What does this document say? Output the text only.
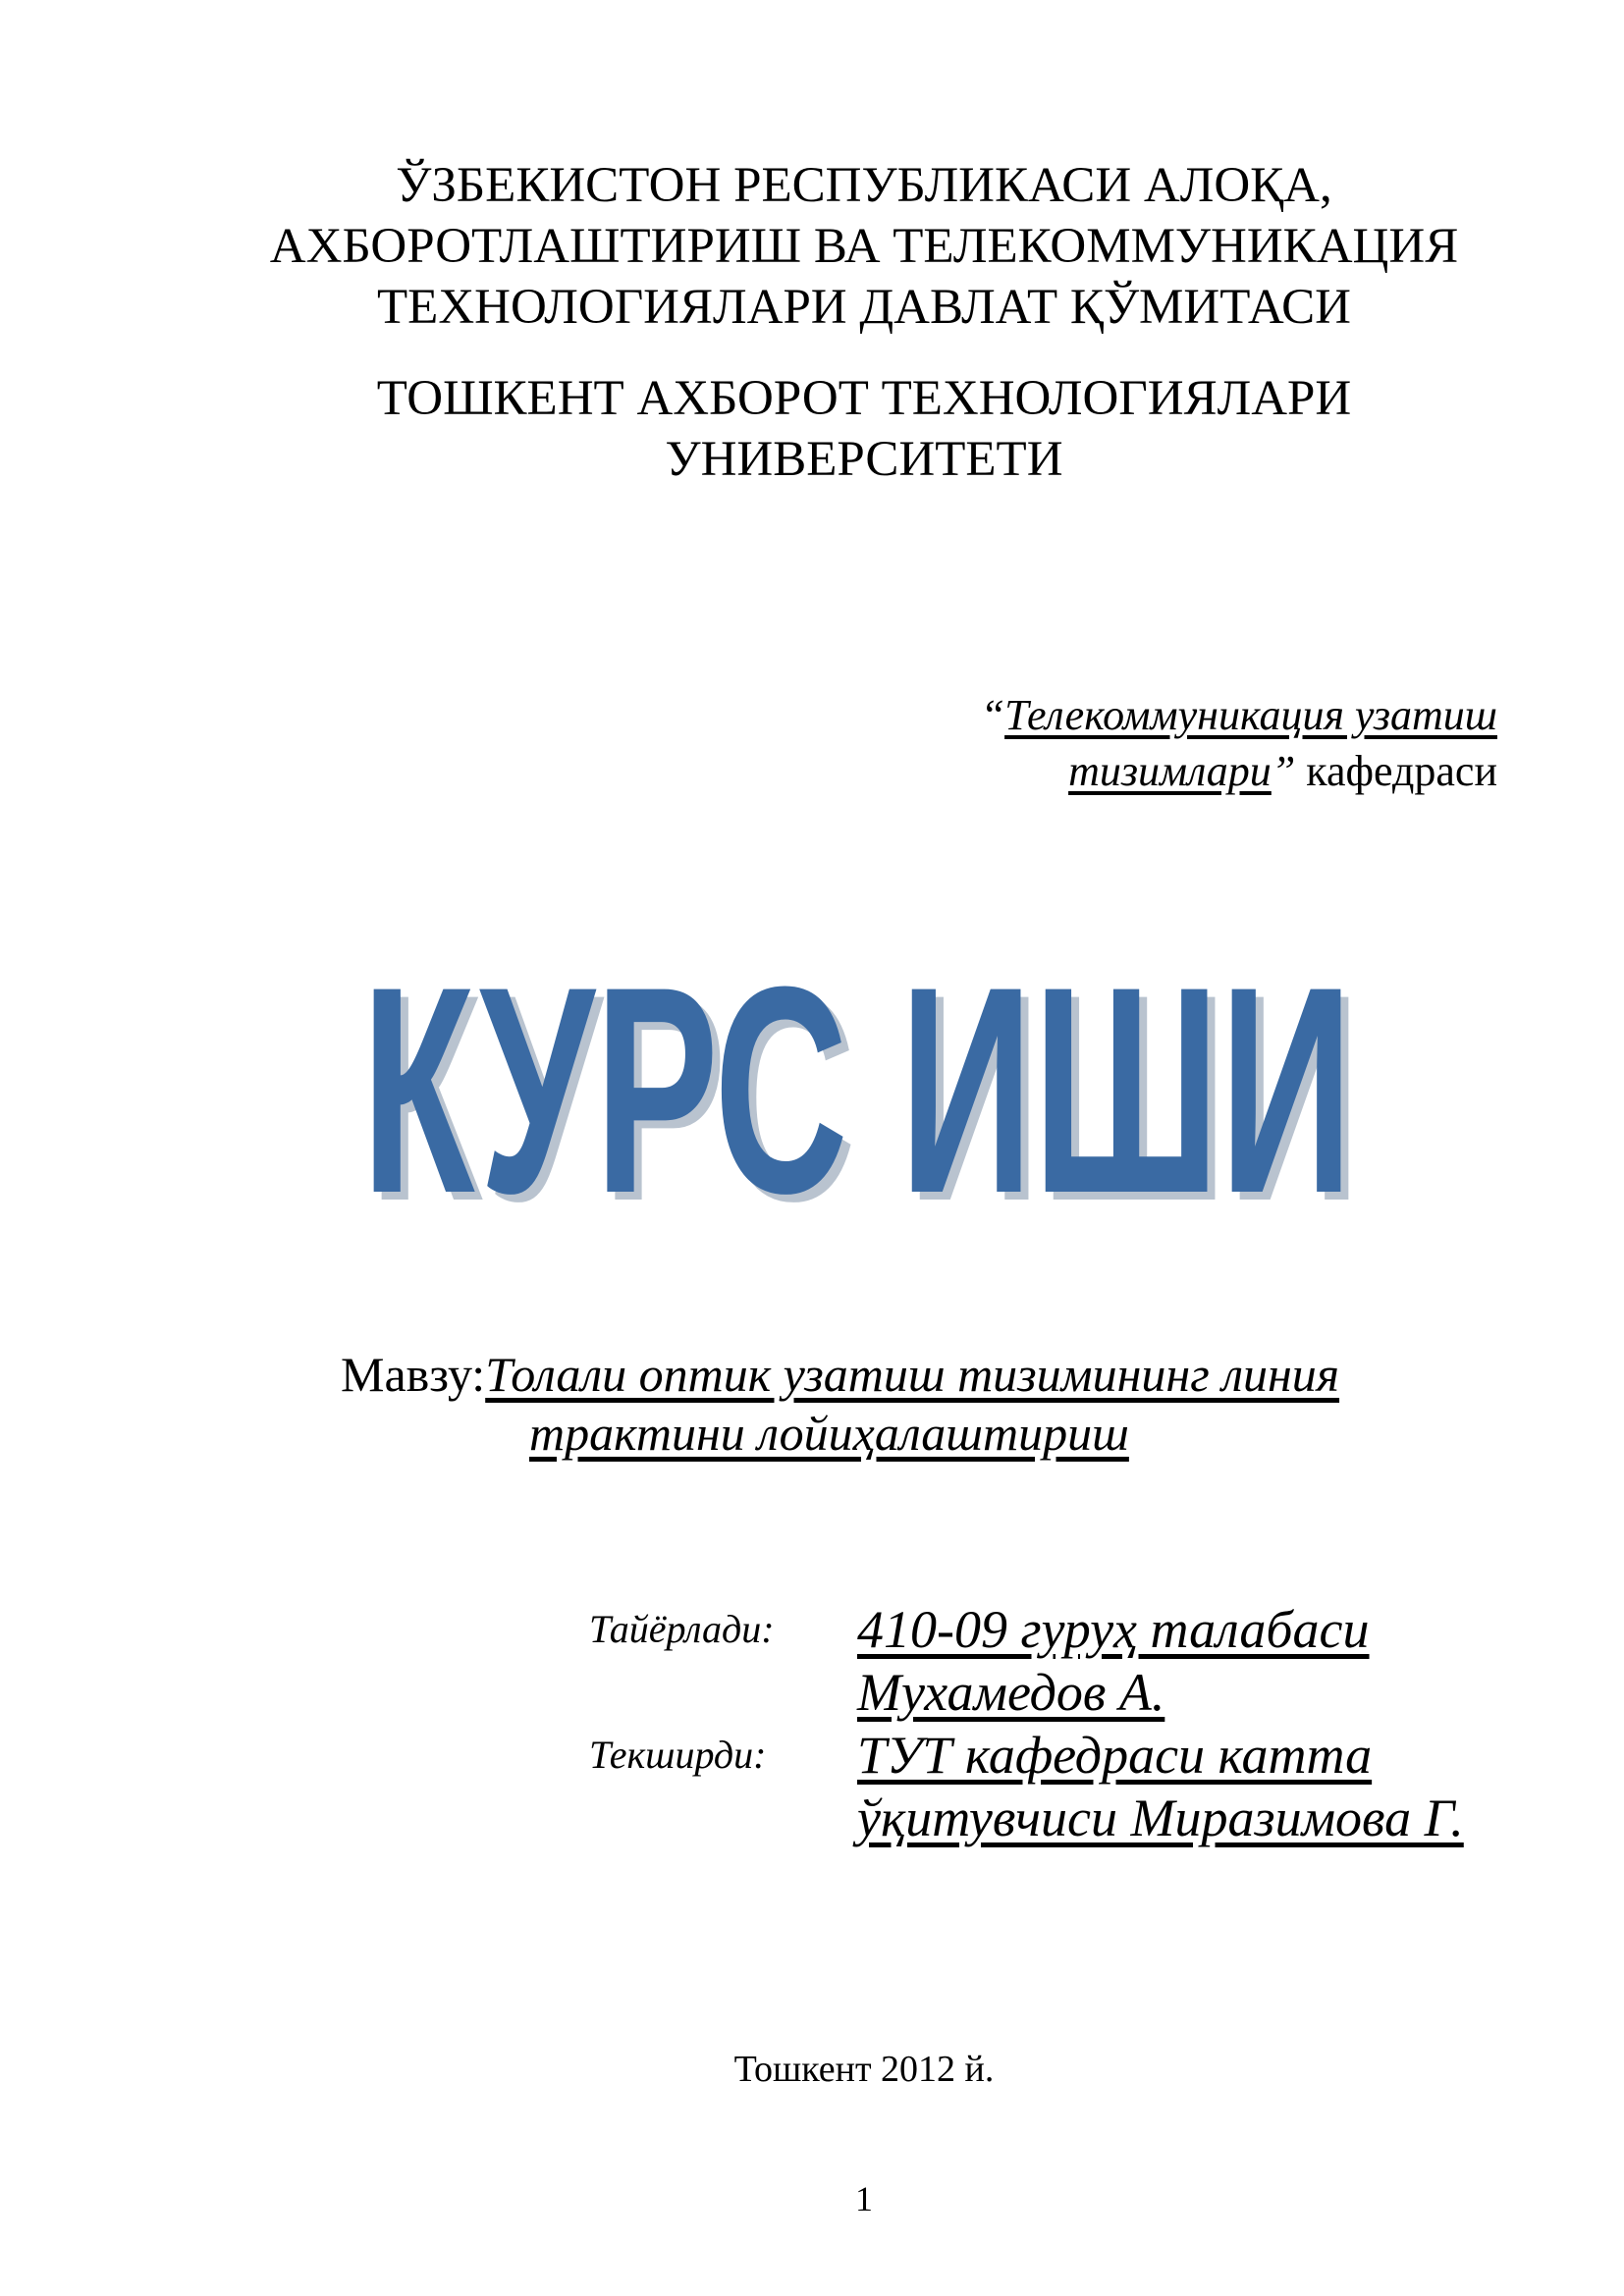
ЎЗБЕКИСТОН РЕСПУБЛИКАСИ АЛОҚА,
АХБОРОТЛАШТИРИШ ВА ТЕЛЕКОММУНИКАЦИЯ
ТЕХНОЛОГИЯЛАРИ ДАВЛАТ ҚЎМИТАСИ
ТОШКЕНТ АХБОРОТ ТЕХНОЛОГИЯЛАРИ
УНИВЕРСИТЕТИ
“Телекоммуникация узатиш
тизимлари” кафедраси
КУРС ИШИ
КУРС ИШИ
Мавзу:Толали оптик узатиш тизимининг линия
трактини лойиҳалаштириш
Тайёрлади:	410-09 гуруҳ талабаси
Мухамедов А.
Текширди:	ТУТ кафедраси катта
ўқитувчиси Миразимова Г.
Тошкент 2012 й.
1
